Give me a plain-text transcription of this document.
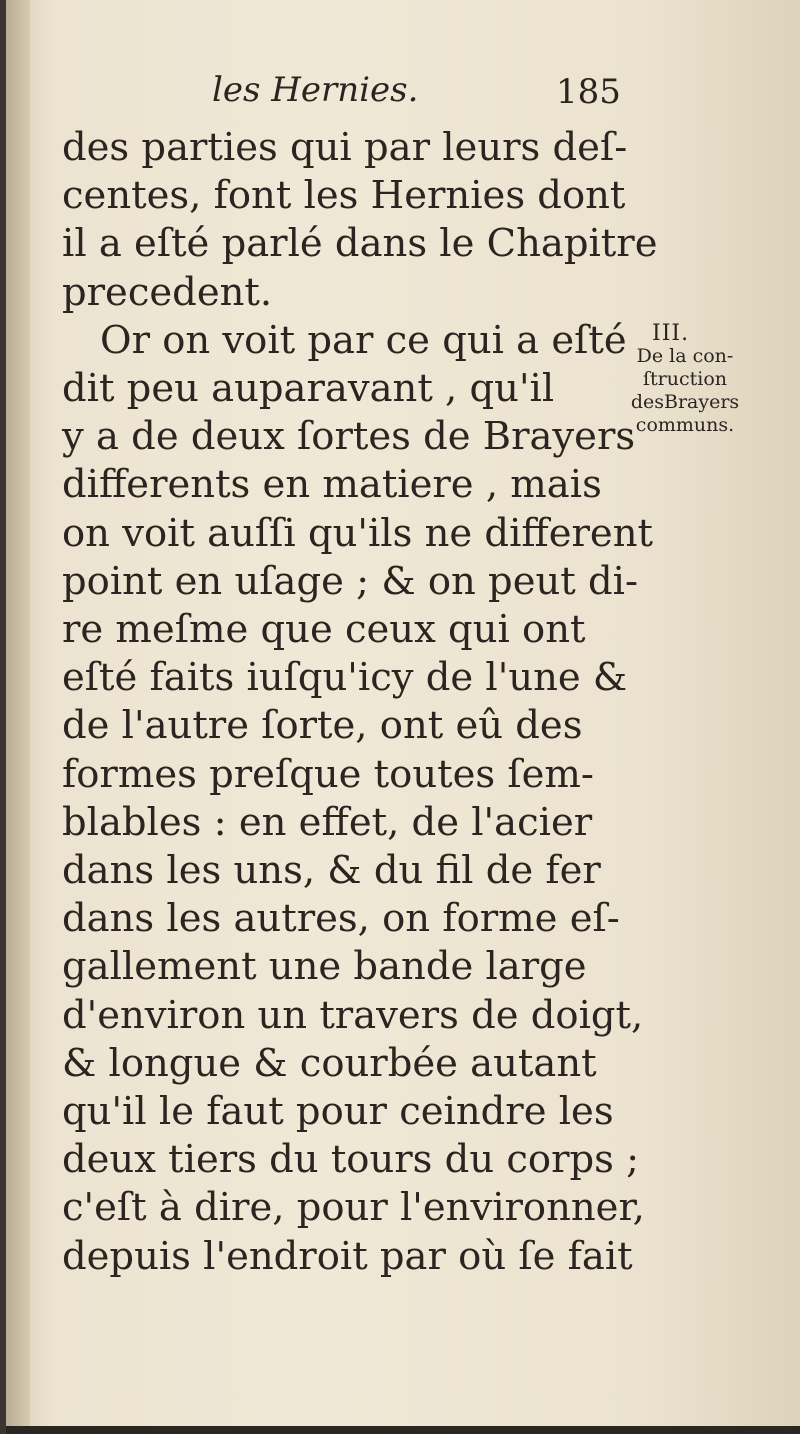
les Hernies.	185
des parties qui par leurs deſ-
centes, font les Hernies dont
il a eſté parlé dans le Chapitre
precedent.
Or on voit par ce qui a eſté
dit peu auparavant , qu'il
y a de deux ſortes de Brayers
differents en matiere , mais
on voit auſſi qu'ils ne different
point en uſage ; & on peut di-
re meſme que ceux qui ont
eſté faits iuſqu'icy de l'une &
de l'autre ſorte, ont eû des
formes preſque toutes ſem-
blables : en effet, de l'acier
dans les uns, & du fil de fer
dans les autres, on forme eſ-
gallement une bande large
d'environ un travers de doigt,
& longue & courbée autant
qu'il le faut pour ceindre les
deux tiers du tours du corps ;
c'eſt à dire, pour l'environner,
depuis l'endroit par où ſe fait
III.
De la con-
ſtruction
desBrayers
communs.
